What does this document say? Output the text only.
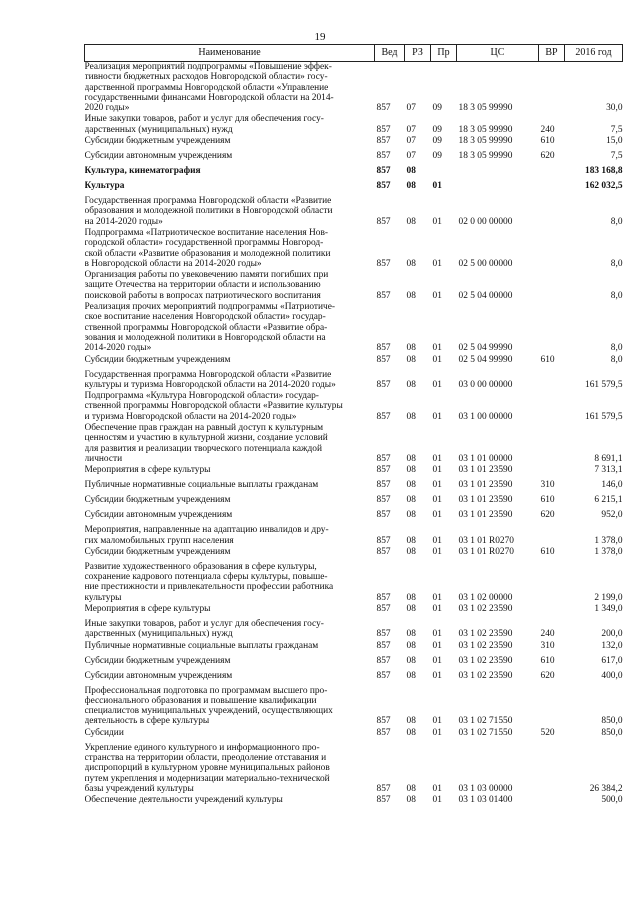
19
Наименование	Вед	РЗ	Пр	ЦС	ВР	2016 год

Реализация мероприятий подпрограммы «Повышение эффек-
тивности бюджетных расходов Новгородской области» госу-
дарственной программы Новгородской области «Управление
государственными финансами Новгородской области на 2014-
2020 годы»	857	07	09	18 3 05 99990		30,0

Иные закупки товаров, работ и услуг для обеспечения госу-
дарственных (муниципальных) нужд	857	07	09	18 3 05 99990	240	7,5

Субсидии бюджетным учреждениям	857	07	09	18 3 05 99990	610	15,0

Субсидии автономным учреждениям	857	07	09	18 3 05 99990	620	7,5

Культура, кинематография	857	08				183 168,8

Культура	857	08	01			162 032,5

Государственная программа Новгородской области «Развитие
образования и молодежной политики в Новгородской области
на 2014-2020 годы»	857	08	01	02 0 00 00000		8,0

Подпрограмма «Патриотическое воспитание населения Нов-
городской области» государственной программы Новгород-
ской области «Развитие образования и молодежной политики
в Новгородской области на 2014-2020 годы»	857	08	01	02 5 00 00000		8,0

Организация работы по увековечению памяти погибших при
защите Отечества на территории области и использованию
поисковой работы в вопросах патриотического воспитания	857	08	01	02 5 04 00000		8,0

Реализация прочих мероприятий подпрограммы «Патриотиче-
ское воспитание населения Новгородской области» государ-
ственной программы Новгородской области «Развитие обра-
зования и молодежной политики в Новгородской области на
2014-2020 годы»	857	08	01	02 5 04 99990		8,0

Субсидии бюджетным учреждениям	857	08	01	02 5 04 99990	610	8,0

Государственная программа Новгородской области «Развитие
культуры и туризма Новгородской области на 2014-2020 годы»	857	08	01	03 0 00 00000		161 579,5

Подпрограмма «Культура Новгородской области» государ-
ственной программы Новгородской области «Развитие культуры
и туризма Новгородской области на 2014-2020 годы»	857	08	01	03 1 00 00000		161 579,5

Обеспечение прав граждан на равный доступ к культурным
ценностям и участию в культурной жизни, создание условий
для развития и реализации творческого потенциала каждой
личности	857	08	01	03 1 01 00000		8 691,1

Мероприятия в сфере культуры	857	08	01	03 1 01 23590		7 313,1

Публичные нормативные социальные выплаты гражданам	857	08	01	03 1 01 23590	310	146,0

Субсидии бюджетным учреждениям	857	08	01	03 1 01 23590	610	6 215,1

Субсидии автономным учреждениям	857	08	01	03 1 01 23590	620	952,0

Мероприятия, направленные на адаптацию инвалидов и дру-
гих маломобильных групп населения	857	08	01	03 1 01 R0270		1 378,0

Субсидии бюджетным учреждениям	857	08	01	03 1 01 R0270	610	1 378,0

Развитие художественного образования в сфере культуры,
сохранение кадрового потенциала сферы культуры, повыше-
ние престижности и привлекательности профессии работника
культуры	857	08	01	03 1 02 00000		2 199,0

Мероприятия в сфере культуры	857	08	01	03 1 02 23590		1 349,0

Иные закупки товаров, работ и услуг для обеспечения госу-
дарственных (муниципальных) нужд	857	08	01	03 1 02 23590	240	200,0

Публичные нормативные социальные выплаты гражданам	857	08	01	03 1 02 23590	310	132,0

Субсидии бюджетным учреждениям	857	08	01	03 1 02 23590	610	617,0

Субсидии автономным учреждениям	857	08	01	03 1 02 23590	620	400,0

Профессиональная подготовка по программам высшего про-
фессионального образования и повышение квалификации
специалистов муниципальных учреждений, осуществляющих
деятельность в сфере культуры	857	08	01	03 1 02 71550		850,0

Субсидии	857	08	01	03 1 02 71550	520	850,0

Укрепление единого культурного и информационного про-
странства на территории области, преодоление отставания и
диспропорций в культурном уровне муниципальных районов
путем укрепления и модернизации материально-технической
базы учреждений культуры	857	08	01	03 1 03 00000		26 384,2

Обеспечение деятельности учреждений культуры	857	08	01	03 1 03 01400		500,0
